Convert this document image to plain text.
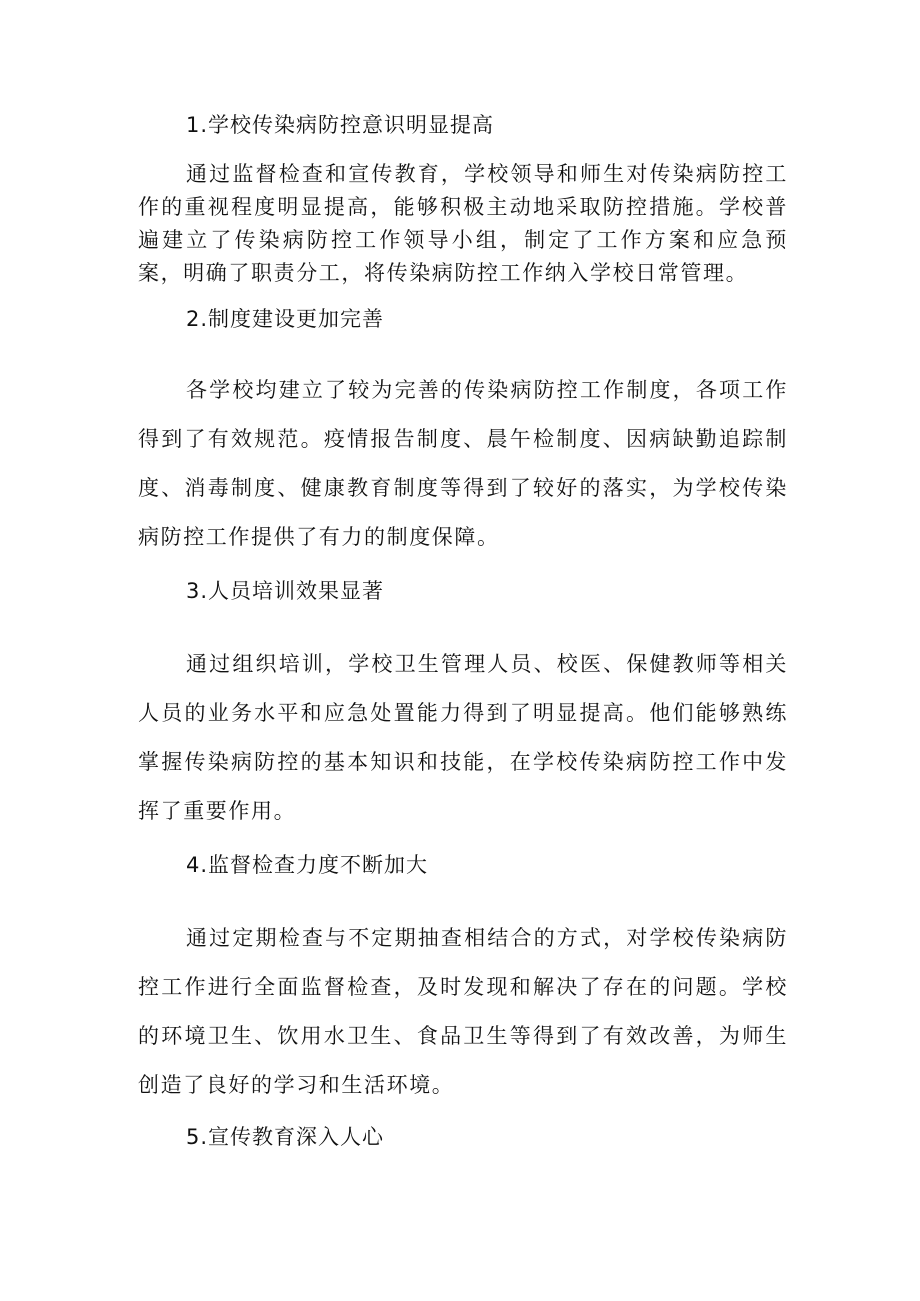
1.学校传染病防控意识明显提高

通过监督检查和宣传教育，学校领导和师生对传染病防控工作的重视程度明显提高，能够积极主动地采取防控措施。学校普遍建立了传染病防控工作领导小组，制定了工作方案和应急预案，明确了职责分工，将传染病防控工作纳入学校日常管理。

2.制度建设更加完善

各学校均建立了较为完善的传染病防控工作制度，各项工作得到了有效规范。疫情报告制度、晨午检制度、因病缺勤追踪制度、消毒制度、健康教育制度等得到了较好的落实，为学校传染病防控工作提供了有力的制度保障。

3.人员培训效果显著

通过组织培训，学校卫生管理人员、校医、保健教师等相关人员的业务水平和应急处置能力得到了明显提高。他们能够熟练掌握传染病防控的基本知识和技能，在学校传染病防控工作中发挥了重要作用。

4.监督检查力度不断加大

通过定期检查与不定期抽查相结合的方式，对学校传染病防控工作进行全面监督检查，及时发现和解决了存在的问题。学校的环境卫生、饮用水卫生、食品卫生等得到了有效改善，为师生创造了良好的学习和生活环境。

5.宣传教育深入人心
